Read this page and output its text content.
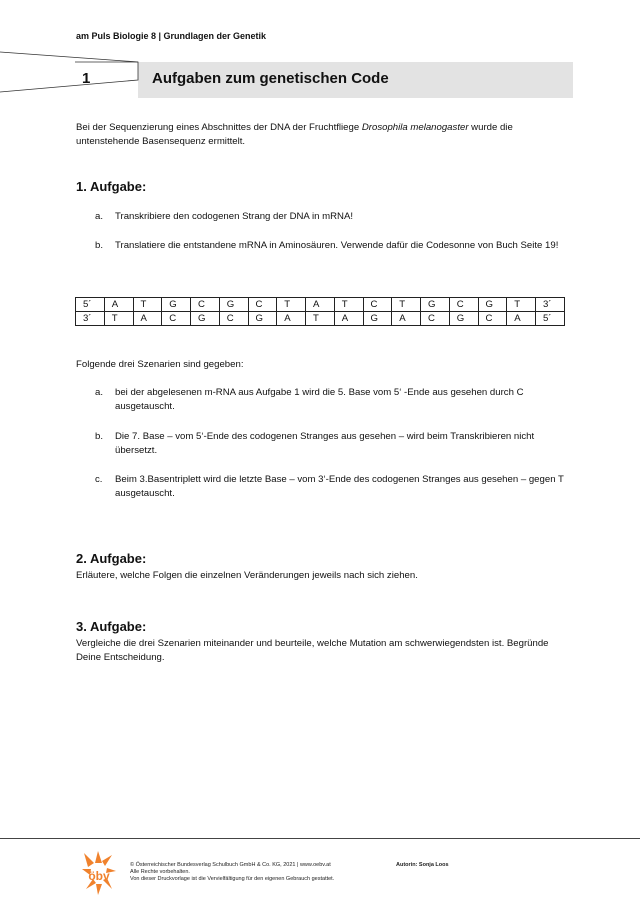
am Puls Biologie 8 | Grundlagen der Genetik
1	Aufgaben zum genetischen Code
Bei der Sequenzierung eines Abschnittes der DNA der Fruchtfliege Drosophila melanogaster wurde die untenstehende Basensequenz ermittelt.
1. Aufgabe:
a. Transkribiere den codogenen Strang der DNA in mRNA!
b. Translatiere die entstandene mRNA in Aminosäuren. Verwende dafür die Codesonne von Buch Seite 19!
5´	A	T	G	C	G	C	T	A	T	C	T	G	C	G	T	3´
3´	T	A	C	G	C	G	A	T	A	G	A	C	G	C	A	5´
Folgende drei Szenarien sind gegeben:
a. bei der abgelesenen m-RNA aus Aufgabe 1 wird die 5. Base vom 5‘ -Ende aus gesehen durch C ausgetauscht.
b. Die 7. Base – vom 5‘-Ende des codogenen Stranges aus gesehen – wird beim Transkribieren nicht übersetzt.
c. Beim 3.Basentriplett wird die letzte Base – vom 3‘-Ende des codogenen Stranges aus gesehen – gegen T ausgetauscht.
2. Aufgabe:
Erläutere, welche Folgen die einzelnen Veränderungen jeweils nach sich ziehen.
3. Aufgabe:
Vergleiche die drei Szenarien miteinander und beurteile, welche Mutation am schwerwiegendsten ist. Begründe Deine Entscheidung.
öbv
© Österreichischer Bundesverlag Schulbuch GmbH & Co. KG, 2021 | www.oebv.at
Alle Rechte vorbehalten.
Von dieser Druckvorlage ist die Vervielfältigung für den eigenen Gebrauch gestattet.
Autorin: Sonja Loos
